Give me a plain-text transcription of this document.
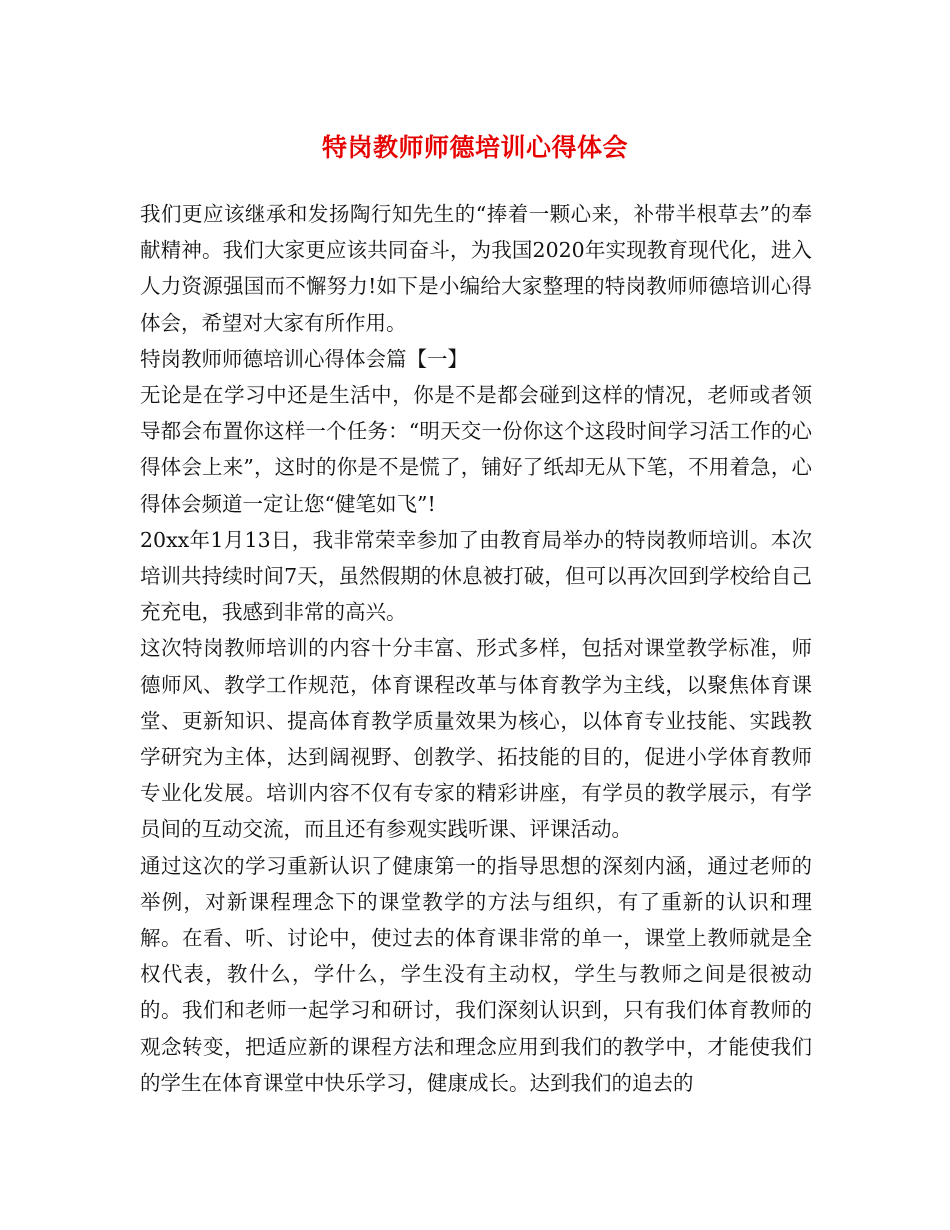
特岗教师师德培训心得体会

我们更应该继承和发扬陶行知先生的“捧着一颗心来，补带半根草去”的奉献精神。我们大家更应该共同奋斗，为我国2020年实现教育现代化，进入人力资源强国而不懈努力!如下是小编给大家整理的特岗教师师德培训心得体会，希望对大家有所作用。

特岗教师师德培训心得体会篇【一】

无论是在学习中还是生活中，你是不是都会碰到这样的情况，老师或者领导都会布置你这样一个任务：“明天交一份你这个这段时间学习活工作的心得体会上来”，这时的你是不是慌了，铺好了纸却无从下笔，不用着急，心得体会频道一定让您“健笔如飞”!

20xx年1月13日，我非常荣幸参加了由教育局举办的特岗教师培训。本次培训共持续时间7天，虽然假期的休息被打破，但可以再次回到学校给自己充充电，我感到非常的高兴。

这次特岗教师培训的内容十分丰富、形式多样，包括对课堂教学标准，师德师风、教学工作规范，体育课程改革与体育教学为主线，以聚焦体育课堂、更新知识、提高体育教学质量效果为核心，以体育专业技能、实践教学研究为主体，达到阔视野、创教学、拓技能的目的，促进小学体育教师专业化发展。培训内容不仅有专家的精彩讲座，有学员的教学展示，有学员间的互动交流，而且还有参观实践听课、评课活动。

通过这次的学习重新认识了健康第一的指导思想的深刻内涵，通过老师的举例，对新课程理念下的课堂教学的方法与组织，有了重新的认识和理解。在看、听、讨论中，使过去的体育课非常的单一，课堂上教师就是全权代表，教什么，学什么，学生没有主动权，学生与教师之间是很被动的。我们和老师一起学习和研讨，我们深刻认识到，只有我们体育教师的观念转变，把适应新的课程方法和理念应用到我们的教学中，才能使我们的学生在体育课堂中快乐学习，健康成长。达到我们的追去的
